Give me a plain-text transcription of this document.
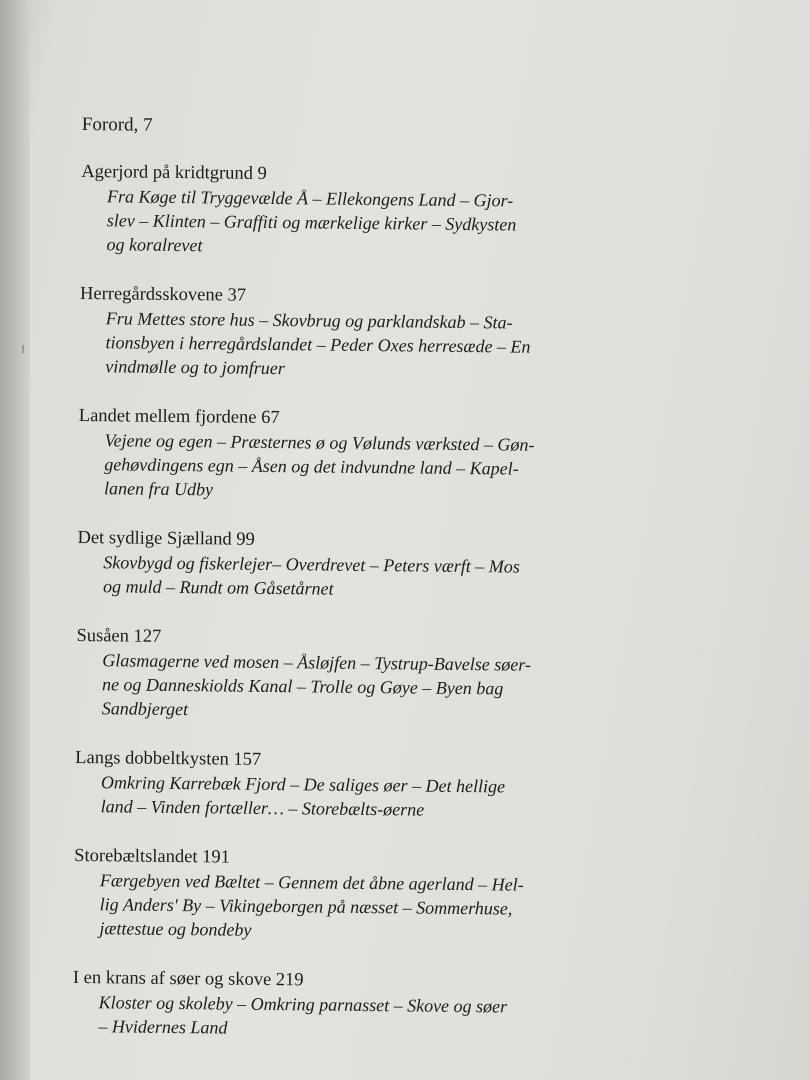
Forord, 7
Agerjord på kridtgrund 9
Fra Køge til Tryggevælde Å – Ellekongens Land – Gjor-
slev – Klinten – Graffiti og mærkelige kirker – Sydkysten
og koralrevet
Herregårdsskovene 37
Fru Mettes store hus – Skovbrug og parklandskab – Sta-
tionsbyen i herregårdslandet – Peder Oxes herresæde – En
vindmølle og to jomfruer
Landet mellem fjordene 67
Vejene og egen – Præsternes ø og Vølunds værksted – Gøn-
gehøvdingens egn – Åsen og det indvundne land – Kapel-
lanen fra Udby
Det sydlige Sjælland 99
Skovbygd og fiskerlejer– Overdrevet – Peters værft – Mos
og muld – Rundt om Gåsetårnet
Susåen 127
Glasmagerne ved mosen – Åsløjfen – Tystrup-Bavelse søer-
ne og Danneskiolds Kanal – Trolle og Gøye – Byen bag
Sandbjerget
Langs dobbeltkysten 157
Omkring Karrebæk Fjord – De saliges øer – Det hellige
land – Vinden fortæller… – Storebælts-øerne
Storebæltslandet 191
Færgebyen ved Bæltet – Gennem det åbne agerland – Hel-
lig Anders' By – Vikingeborgen på næsset – Sommerhuse,
jættestue og bondeby
I en krans af søer og skove 219
Kloster og skoleby – Omkring parnasset – Skove og søer
– Hvidernes Land
